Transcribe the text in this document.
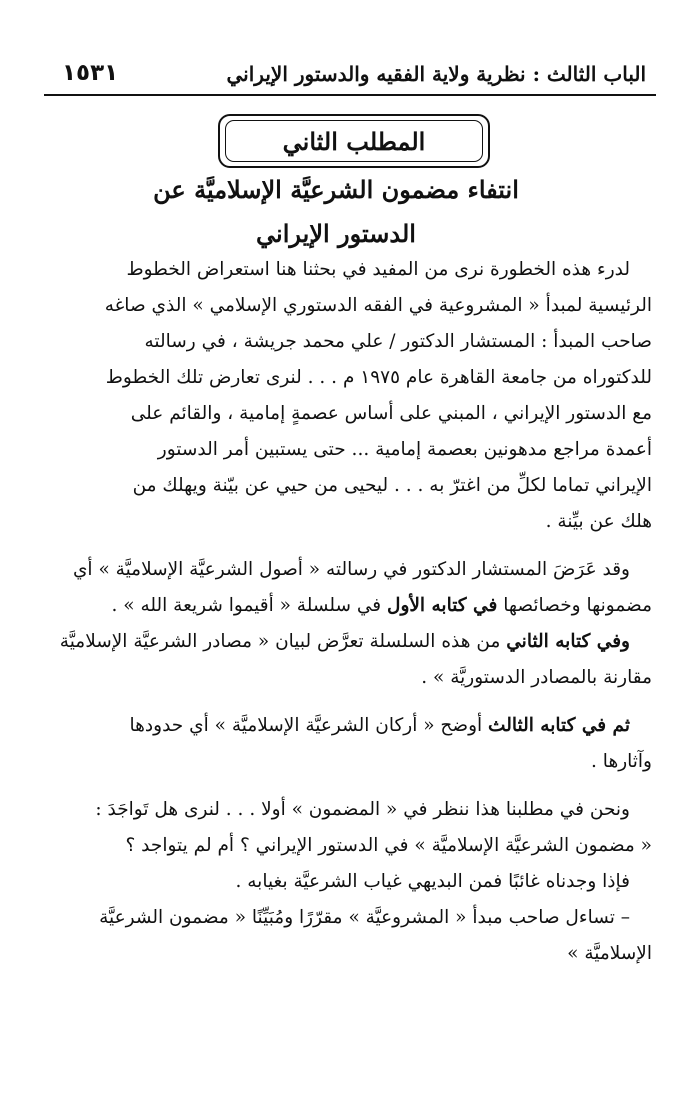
١٥٣١	الباب الثالث : نظرية ولاية الفقيه والدستور الإيراني
المطلب الثاني
انتفاء مضمون الشرعيَّة الإسلاميَّة عن
الدستور الإيراني

لدرء هذه الخطورة نرى من المفيد في بحثنا هنا استعراض الخطوط
الرئيسية لمبدأ « المشروعية في الفقه الدستوري الإسلامي » الذي صاغه
صاحب المبدأ : المستشار الدكتور / علي محمد جريشة ، في رسالته
للدكتوراه من جامعة القاهرة عام ١٩٧٥ م . . . لنرى تعارض تلك الخطوط
مع الدستور الإيراني ، المبني على أساس عصمةٍ إمامية ، والقائم على
أعمدة مراجع مدهونين بعصمة إمامية ... حتى يستبين أمر الدستور
الإيراني تماما لكلِّ من اغترّ به . . . ليحيى من حيي عن بيّنة ويهلك من
هلك عن بيِّنة .

وقد عَرَضَ المستشار الدكتور في رسالته « أصول الشرعيَّة الإسلاميَّة » أي
مضمونها وخصائصها في كتابه الأول في سلسلة « أقيموا شريعة الله » .

وفي كتابه الثاني من هذه السلسلة تعرَّض لبيان « مصادر الشرعيَّة الإسلاميَّة
مقارنة بالمصادر الدستوريَّة » .

ثم في كتابه الثالث أوضح « أركان الشرعيَّة الإسلاميَّة » أي حدودها
وآثارها .

ونحن في مطلبنا هذا ننظر في « المضمون » أولا . . . لنرى هل تَواجَدَ :
« مضمون الشرعيَّة الإسلاميَّة » في الدستور الإيراني ؟ أم لم يتواجد ؟
فإذا وجدناه غائبًا فمن البديهي غياب الشرعيَّة بغيابه .
– تساءل صاحب مبدأ « المشروعيَّة » مقرّرًا ومُبَيِّنًا « مضمون الشرعيَّة
الإسلاميَّة »
